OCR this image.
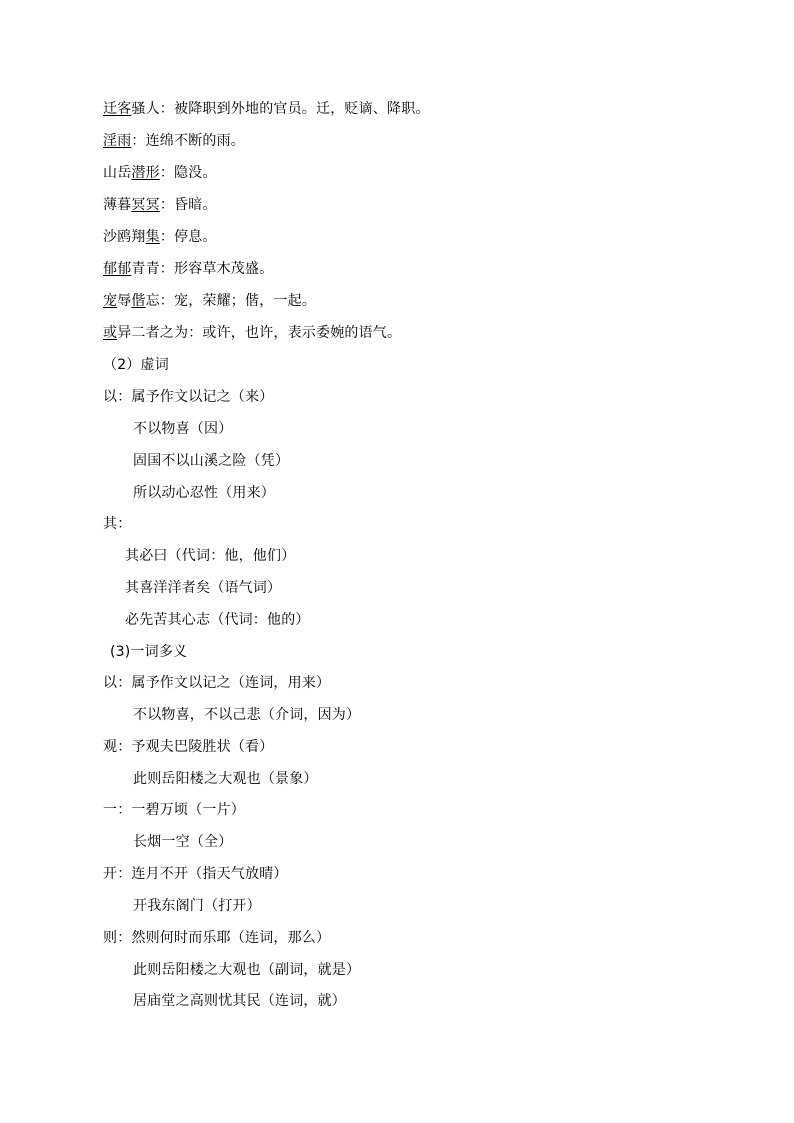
迁客骚人：被降职到外地的官员。迁，贬谪、降职。
淫雨：连绵不断的雨。
山岳潜形：隐没。
薄暮冥冥：昏暗。
沙鸥翔集：停息。
郁郁青青：形容草木茂盛。
宠辱偕忘：宠，荣耀；偕，一起。
或异二者之为：或许，也许，表示委婉的语气。
（2）虚词
以：属予作文以记之（来）
不以物喜（因）
固国不以山溪之险（凭）
所以动心忍性（用来）
其：
其必曰（代词：他，他们）
其喜洋洋者矣（语气词）
必先苦其心志（代词：他的）
(3)一词多义
以：属予作文以记之（连词，用来）
不以物喜，不以己悲（介词，因为）
观：予观夫巴陵胜状（看）
此则岳阳楼之大观也（景象）
一：一碧万顷（一片）
长烟一空（全）
开：连月不开（指天气放晴）
开我东阁门（打开）
则：然则何时而乐耶（连词，那么）
此则岳阳楼之大观也（副词，就是）
居庙堂之高则忧其民（连词，就）
